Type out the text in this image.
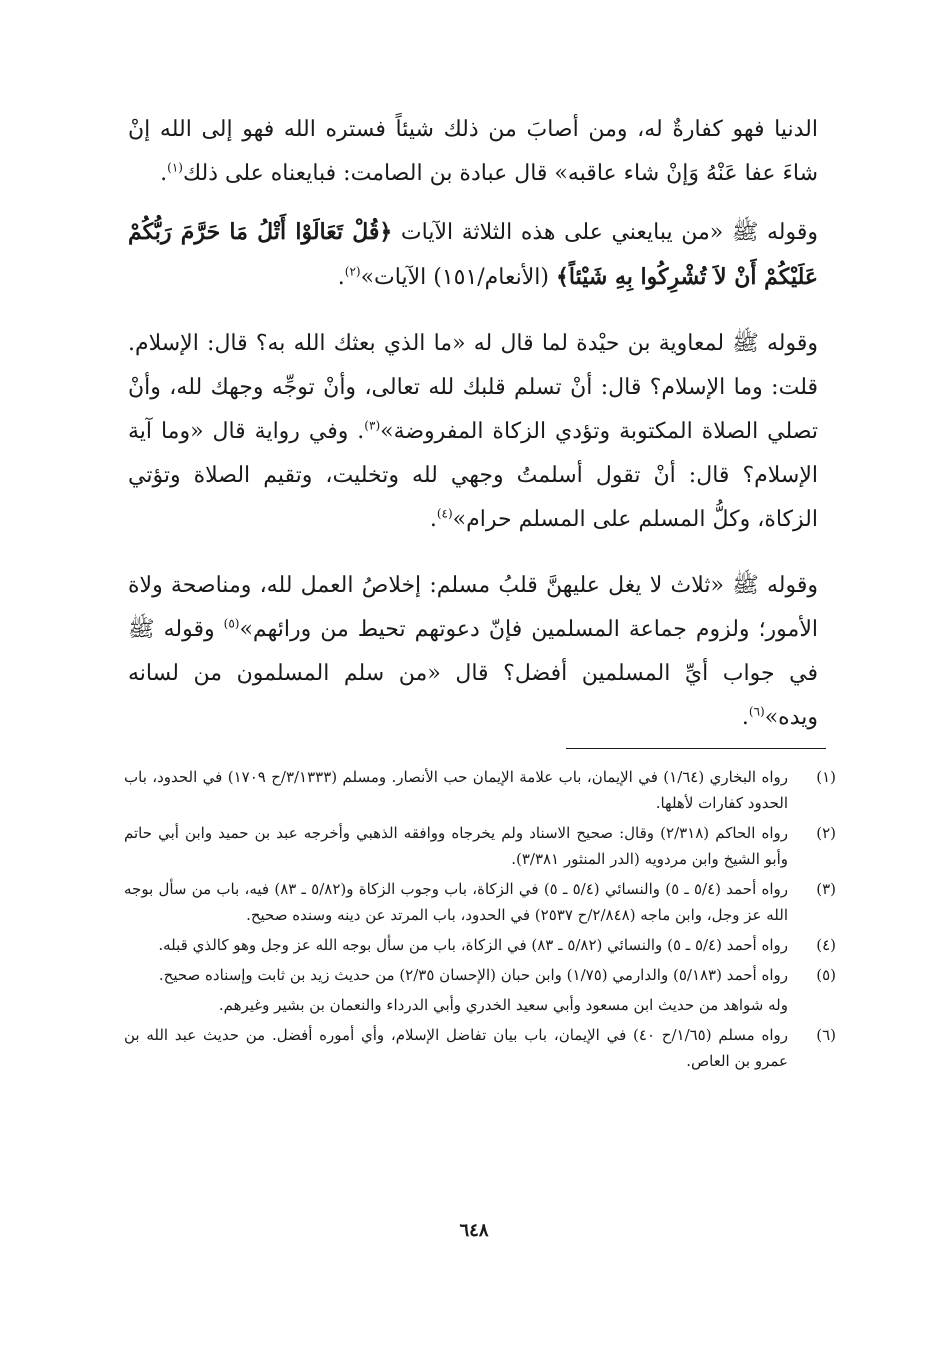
الدنيا فهو كفارةٌ له، ومن أصابَ من ذلك شيئاً فستره الله فهو إلى الله إنْ شاءَ عفا عَنْهُ وَإنْ شاء عاقبه» قال عبادة بن الصامت: فبايعناه على ذلك$^{(١)}$.

وقوله ﷺ «من يبايعني على هذه الثلاثة الآيات ﴿قُلْ تَعَالَوْا أَتْلُ مَا حَرَّمَ رَبُّكُمْ عَلَيْكُمْ أَنْ لاَ تُشْرِكُوا بِهِ شَيْئاً﴾ (الأنعام/١٥١) الآيات»$^{(٢)}$.

وقوله ﷺ لمعاوية بن حيْدة لما قال له «ما الذي بعثك الله به؟ قال: الإسلام. قلت: وما الإسلام؟ قال: أنْ تسلم قلبك لله تعالى، وأنْ توجِّه وجهك لله، وأنْ تصلي الصلاة المكتوبة وتؤدي الزكاة المفروضة»$^{(٣)}$. وفي رواية قال «وما آية الإسلام؟ قال: أنْ تقول أسلمتُ وجهي لله وتخليت، وتقيم الصلاة وتؤتي الزكاة، وكلُّ المسلم على المسلم حرام»$^{(٤)}$.

وقوله ﷺ «ثلاث لا يغل عليهنَّ قلبُ مسلم: إخلاصُ العمل لله، ومناصحة ولاة الأمور؛ ولزوم جماعة المسلمين فإنّ دعوتهم تحيط من ورائهم»$^{(٥)}$ وقوله ﷺ في جواب أيِّ المسلمين أفضل؟ قال «من سلم المسلمون من لسانه ويده»$^{(٦)}$.

(١)
رواه البخاري (١/٦٤) في الإيمان، باب علامة الإيمان حب الأنصار. ومسلم (٣/١٣٣٣/ح ١٧٠٩) في الحدود، باب الحدود كفارات لأهلها.
(٢)
رواه الحاكم (٢/٣١٨) وقال: صحيح الاسناد ولم يخرجاه ووافقه الذهبي وأخرجه عبد بن حميد وابن أبي حاتم وأبو الشيخ وابن مردويه (الدر المنثور ٣/٣٨١).
(٣)
رواه أحمد (٥/٤ ـ ٥) والنسائي (٥/٤ ـ ٥) في الزكاة، باب وجوب الزكاة و(٥/٨٢ ـ ٨٣) فيه، باب من سأل بوجه الله عز وجل، وابن ماجه (٢/٨٤٨/ح ٢٥٣٧) في الحدود، باب المرتد عن دينه وسنده صحيح.
(٤)
رواه أحمد (٥/٤ ـ ٥) والنسائي (٥/٨٢ ـ ٨٣) في الزكاة، باب من سأل بوجه الله عز وجل وهو كالذي قبله.
(٥)
رواه أحمد (٥/١٨٣) والدارمي (١/٧٥) وابن حبان (الإحسان ٢/٣٥) من حديث زيد بن ثابت وإسناده صحيح.
وله شواهد من حديث ابن مسعود وأبي سعيد الخدري وأبي الدرداء والنعمان بن بشير وغيرهم.
(٦)
رواه مسلم (١/٦٥/ح ٤٠) في الإيمان، باب بيان تفاضل الإسلام، وأي أموره أفضل. من حديث عبد الله بن عمرو بن العاص.
٦٤٨
